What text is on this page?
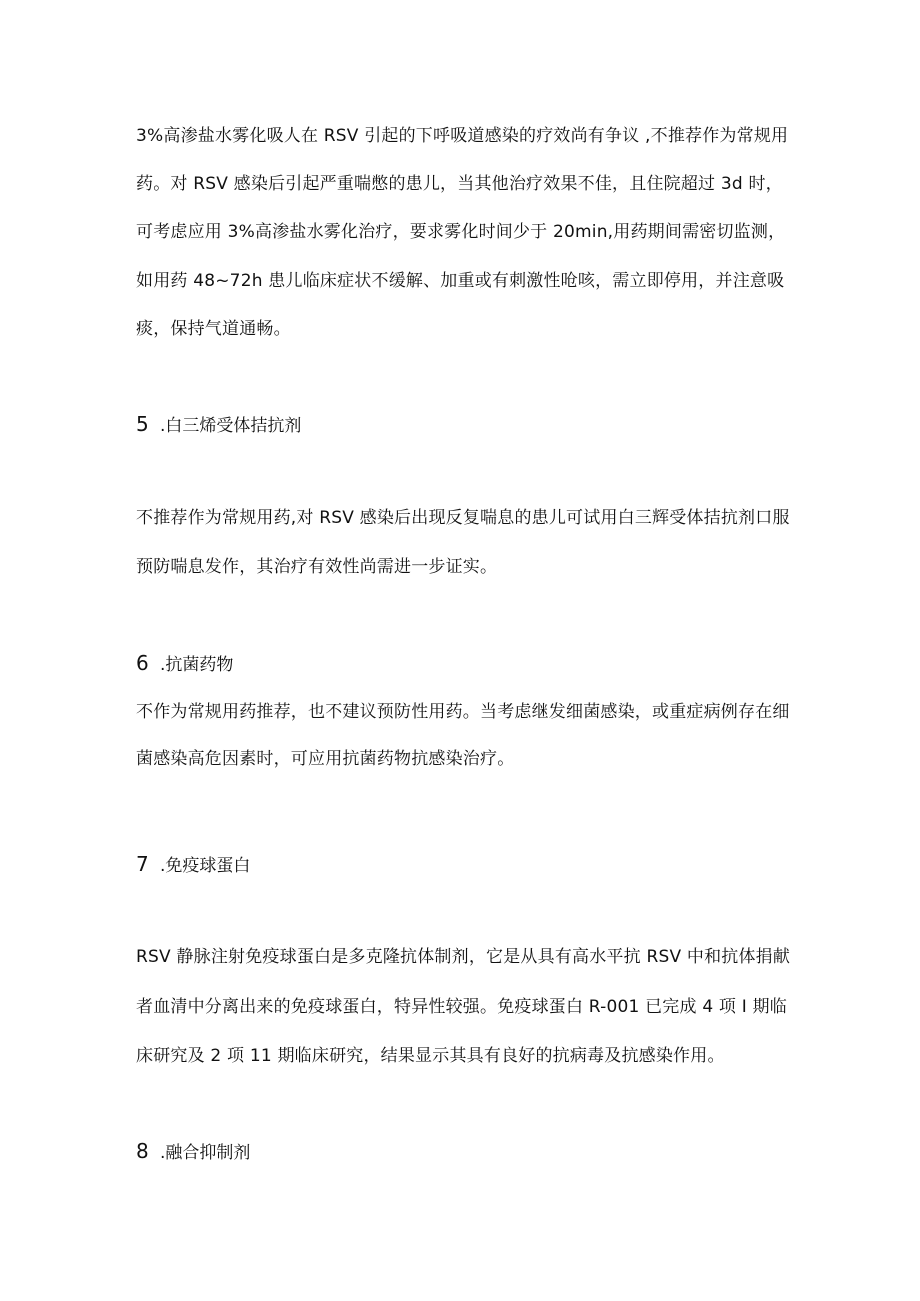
3%高渗盐水雾化吸人在 RSV 引起的下呼吸道感染的疗效尚有争议 ,不推荐作为常规用
药。对 RSV 感染后引起严重喘憋的患儿，当其他治疗效果不佳，且住院超过 3d 时，
可考虑应用 3%高渗盐水雾化治疗，要求雾化时间少于 20min,用药期间需密切监测，
如用药 48~72h 患儿临床症状不缓解、加重或有刺激性呛咳，需立即停用，并注意吸
痰，保持气道通畅。
5 .白三烯受体拮抗剂
不推荐作为常规用药,对 RSV 感染后出现反复喘息的患儿可试用白三辉受体拮抗剂口服
预防喘息发作，其治疗有效性尚需进一步证实。
6 .抗菌药物
不作为常规用药推荐，也不建议预防性用药。当考虑继发细菌感染，或重症病例存在细
菌感染高危因素时，可应用抗菌药物抗感染治疗。
7 .免疫球蛋白
RSV 静脉注射免疫球蛋白是多克隆抗体制剂，它是从具有高水平抗 RSV 中和抗体捐献
者血清中分离出来的免疫球蛋白，特异性较强。免疫球蛋白 R-001 已完成 4 项 I 期临
床研究及 2 项 11 期临床研究，结果显示其具有良好的抗病毒及抗感染作用。
8 .融合抑制剂
